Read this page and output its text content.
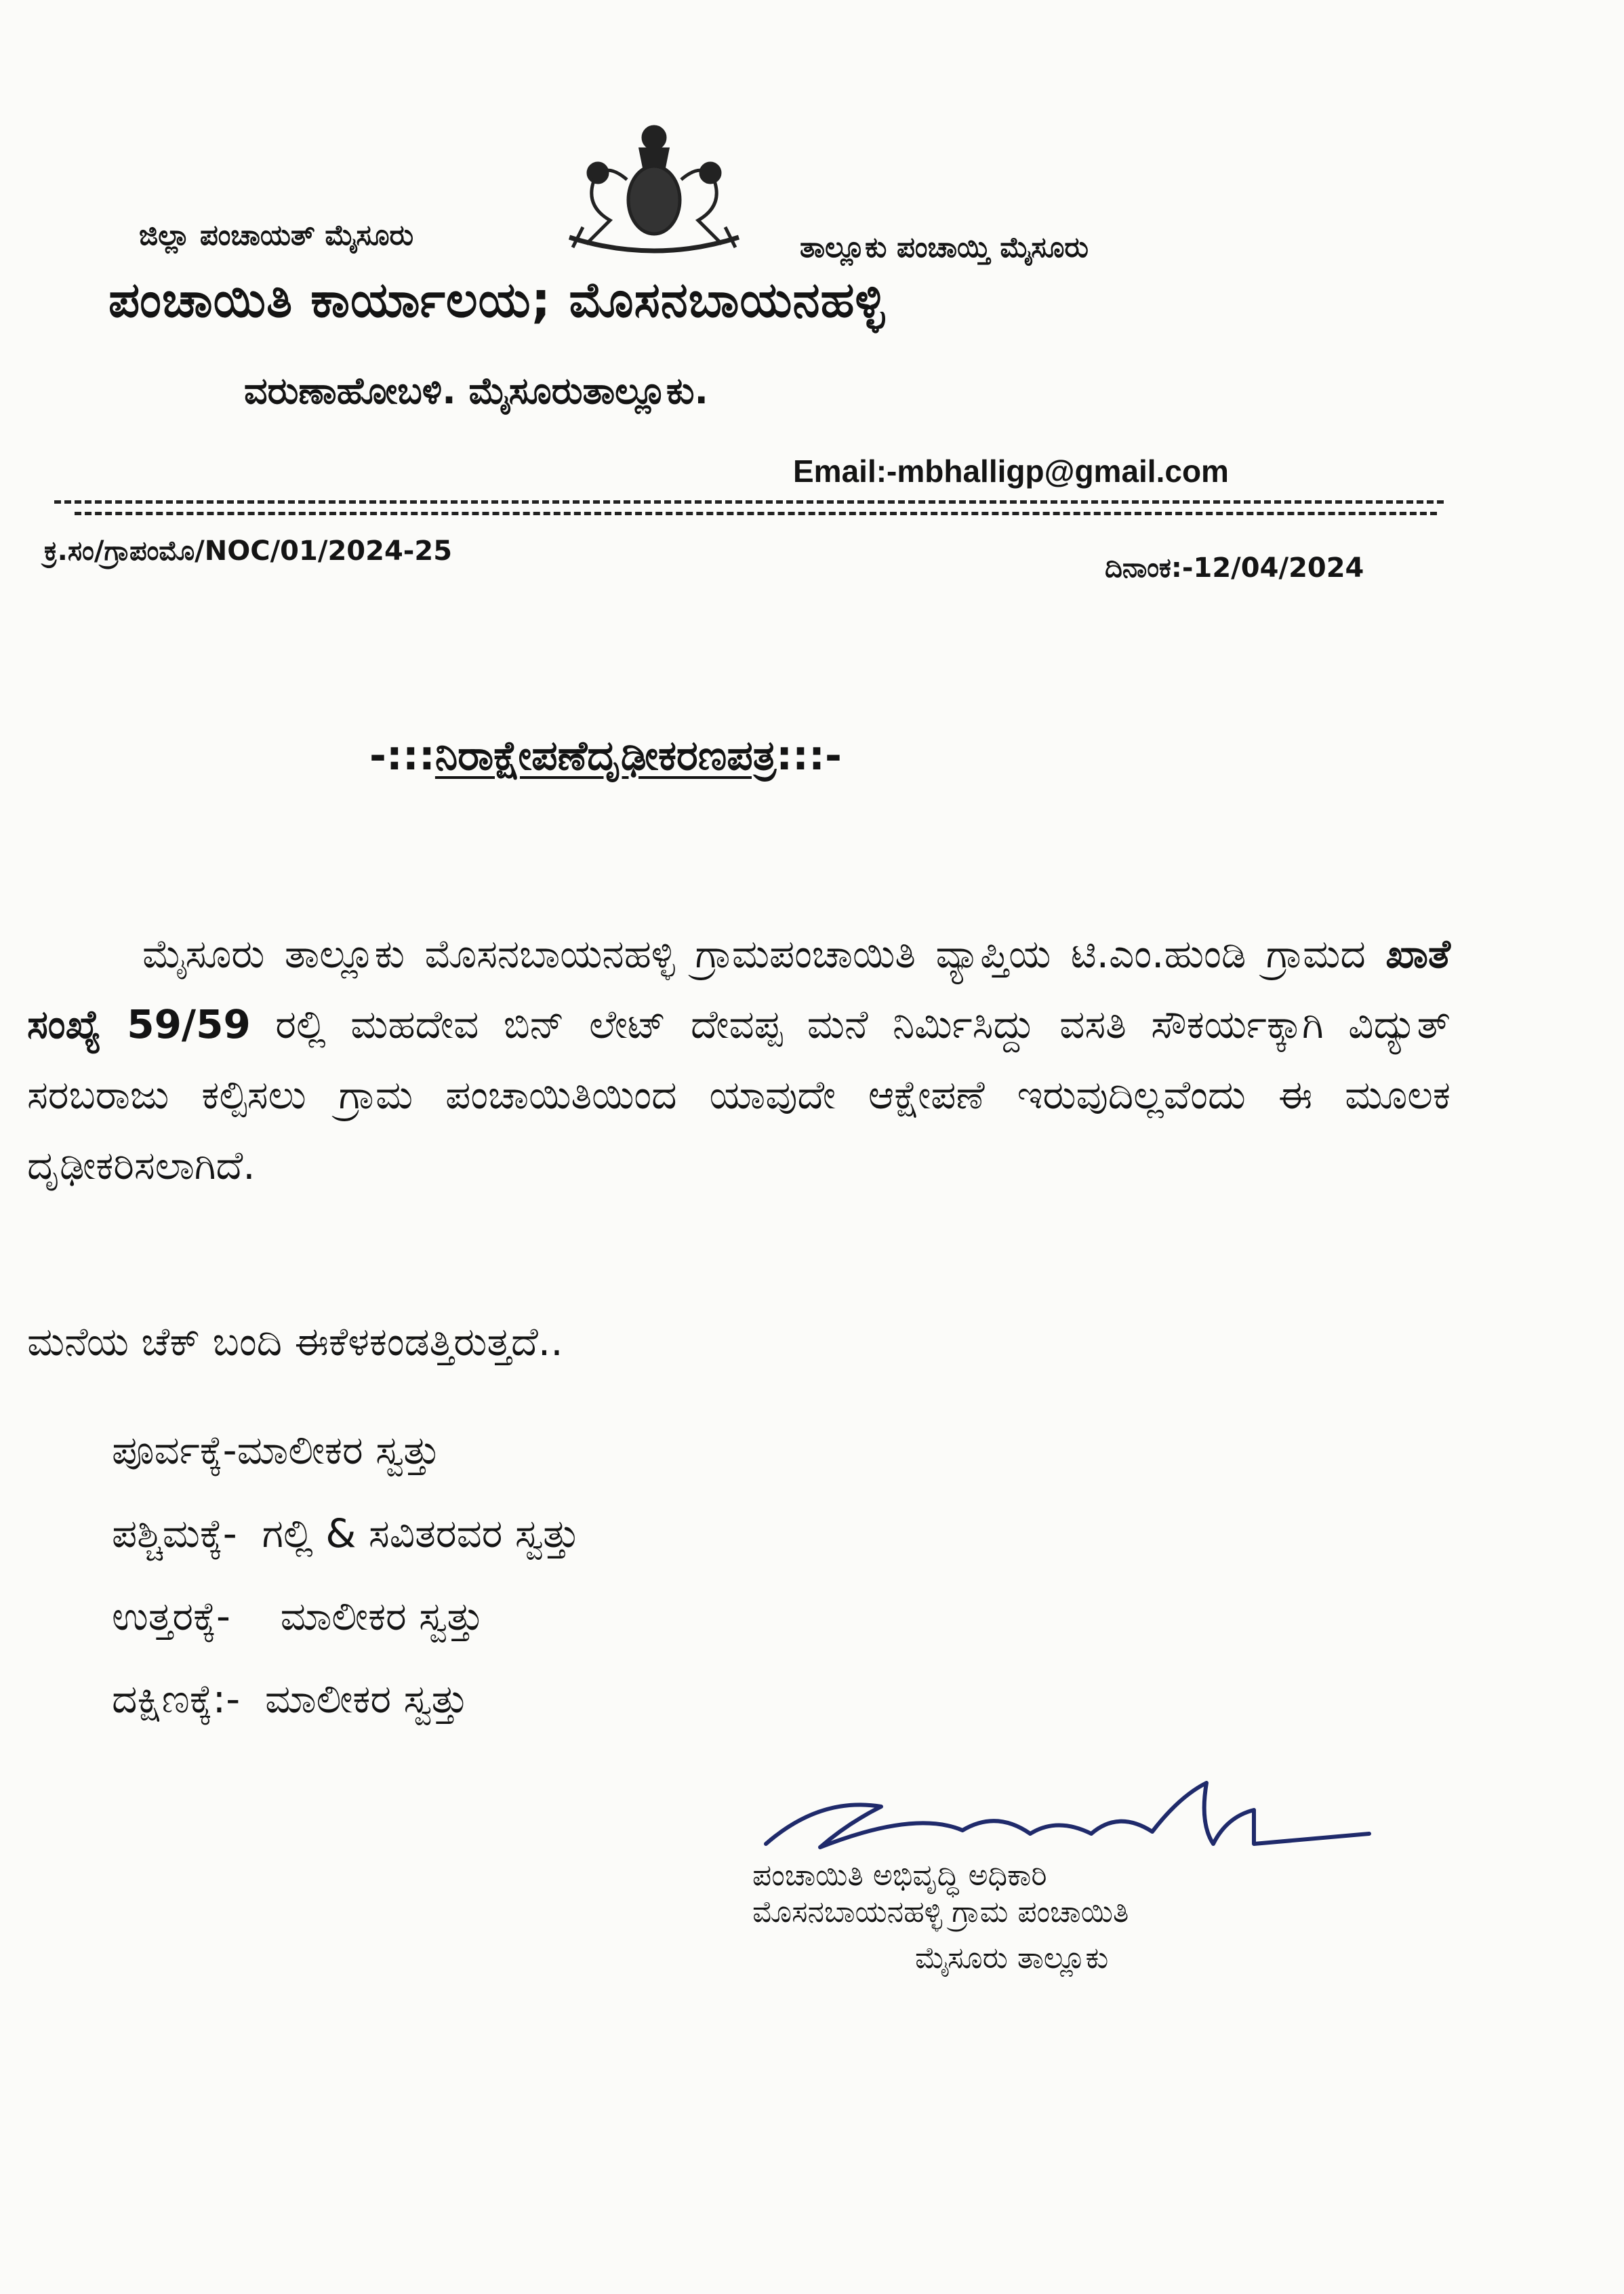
ಜಿಲ್ಲಾ ಪಂಚಾಯತ್ ಮೈಸೂರು	ತಾಲ್ಲೂಕು ಪಂಚಾಯ್ತಿ ಮೈಸೂರು
ಪಂಚಾಯಿತಿ ಕಾರ್ಯಾಲಯ; ಮೊಸನಬಾಯನಹಳ್ಳಿ
ವರುಣಾಹೋಬಳಿ. ಮೈಸೂರುತಾಲ್ಲೂಕು.
Email:-mbhalligp@gmail.com
ಕ್ರ.ಸಂ/ಗ್ರಾಪಂಮೊ/NOC/01/2024-25
ದಿನಾಂಕ:-12/04/2024
-:::ನಿರಾಕ್ಷೇಪಣೆದೃಢೀಕರಣಪತ್ರ:::-
ಮೈಸೂರು ತಾಲ್ಲೂಕು ಮೊಸನಬಾಯನಹಳ್ಳಿ ಗ್ರಾಮಪಂಚಾಯಿತಿ ವ್ಯಾಪ್ತಿಯ ಟಿ.ಎಂ.ಹುಂಡಿ ಗ್ರಾಮದ ಖಾತೆ ಸಂಖ್ಯೆ 59/59 ರಲ್ಲಿ ಮಹದೇವ ಬಿನ್ ಲೇಟ್ ದೇವಪ್ಪ ಮನೆ ನಿರ್ಮಿಸಿದ್ದು ವಸತಿ ಸೌಕರ್ಯಕ್ಕಾಗಿ ವಿದ್ಯುತ್ ಸರಬರಾಜು ಕಲ್ಪಿಸಲು ಗ್ರಾಮ ಪಂಚಾಯಿತಿಯಿಂದ ಯಾವುದೇ ಆಕ್ಷೇಪಣೆ ಇರುವುದಿಲ್ಲವೆಂದು ಈ ಮೂಲಕ ದೃಢೀಕರಿಸಲಾಗಿದೆ.
ಮನೆಯ ಚೆಕ್ ಬಂದಿ ಈಕೆಳಕಂಡತ್ತಿರುತ್ತದೆ..
ಪೂರ್ವಕ್ಕೆ-ಮಾಲೀಕರ ಸ್ವತ್ತು
ಪಶ್ಚಿಮಕ್ಕೆ- ಗಲ್ಲಿ & ಸವಿತರವರ ಸ್ವತ್ತು
ಉತ್ತರಕ್ಕೆ- ಮಾಲೀಕರ ಸ್ವತ್ತು
ದಕ್ಷಿಣಕ್ಕೆ:- ಮಾಲೀಕರ ಸ್ವತ್ತು
ಪಂಚಾಯಿತಿ ಅಭಿವೃದ್ಧಿ ಅಧಿಕಾರಿ
ಮೊಸನಬಾಯನಹಳ್ಳಿ ಗ್ರಾಮ ಪಂಚಾಯಿತಿ
ಮೈಸೂರು ತಾಲ್ಲೂಕು
